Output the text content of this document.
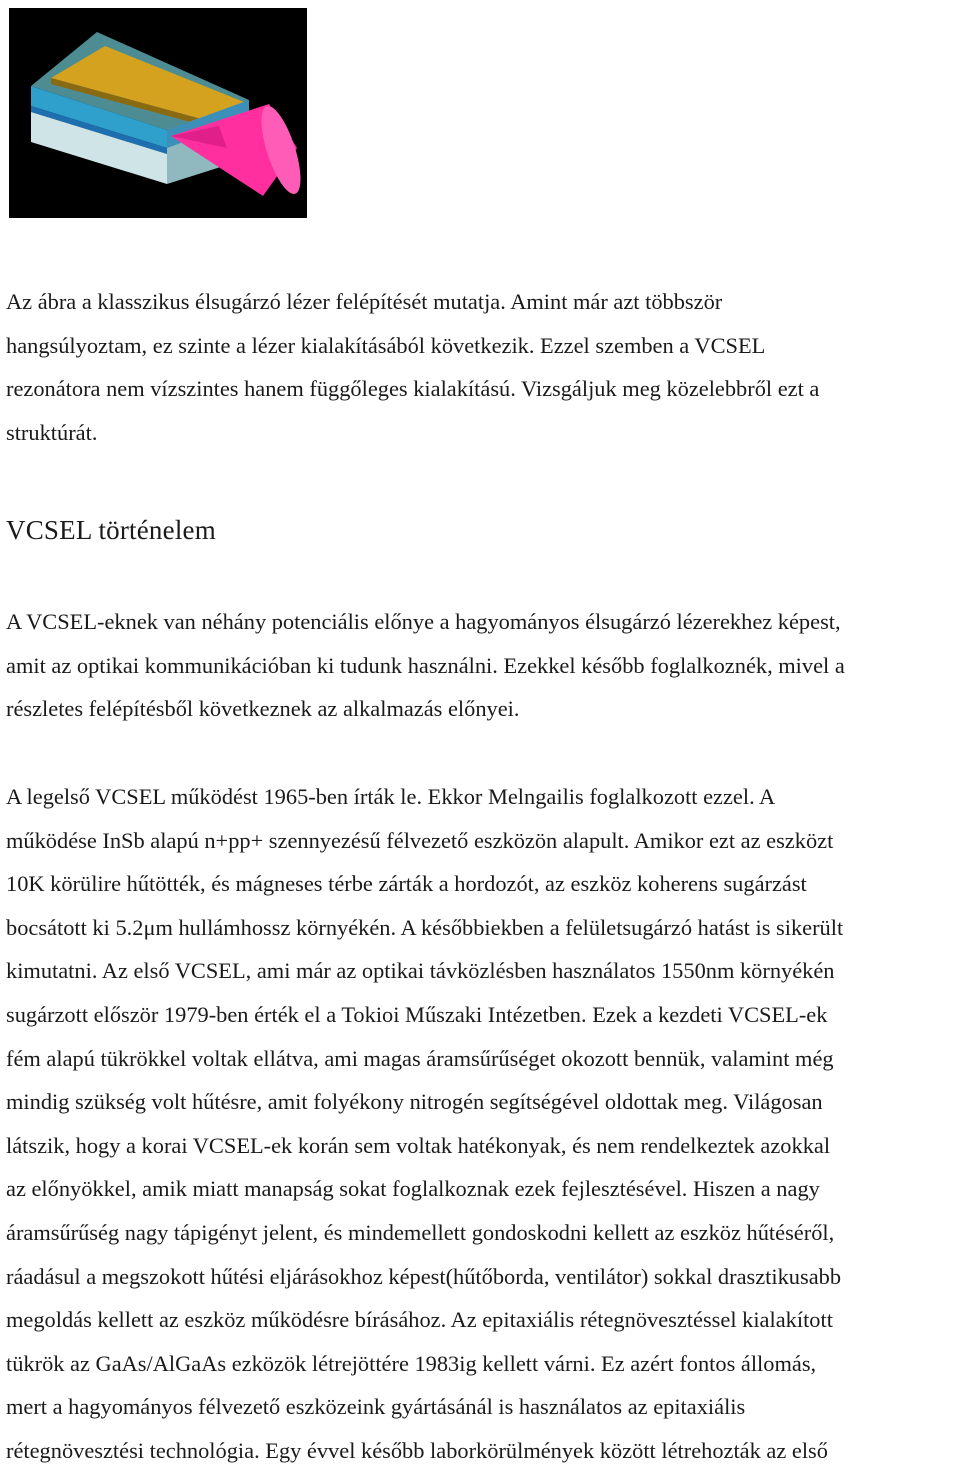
Az ábra a klasszikus élsugárzó lézer felépítését mutatja. Amint már azt többször
hangsúlyoztam, ez szinte a lézer kialakításából következik. Ezzel szemben a VCSEL
rezonátora nem vízszintes hanem függőleges kialakítású. Vizsgáljuk meg közelebbről ezt a
struktúrát.

VCSEL történelem

A VCSEL-eknek van néhány potenciális előnye a hagyományos élsugárzó lézerekhez képest,
amit az optikai kommunikációban ki tudunk használni. Ezekkel később foglalkoznék, mivel a
részletes felépítésből következnek az alkalmazás előnyei.

A legelső VCSEL működést 1965-ben írták le. Ekkor Melngailis foglalkozott ezzel. A
működése InSb alapú n+pp+ szennyezésű félvezető eszközön alapult. Amikor ezt az eszközt
10K körülire hűtötték, és mágneses térbe zárták a hordozót, az eszköz koherens sugárzást
bocsátott ki 5.2μm hullámhossz környékén. A későbbiekben a felületsugárzó hatást is sikerült
kimutatni. Az első VCSEL, ami már az optikai távközlésben használatos 1550nm környékén
sugárzott először 1979-ben érték el a Tokioi Műszaki Intézetben. Ezek a kezdeti VCSEL-ek
fém alapú tükrökkel voltak ellátva, ami magas áramsűrűséget okozott bennük, valamint még
mindig szükség volt hűtésre, amit folyékony nitrogén segítségével oldottak meg. Világosan
látszik, hogy a korai VCSEL-ek korán sem voltak hatékonyak, és nem rendelkeztek azokkal
az előnyökkel, amik miatt manapság sokat foglalkoznak ezek fejlesztésével. Hiszen a nagy
áramsűrűség nagy tápigényt jelent, és mindemellett gondoskodni kellett az eszköz hűtéséről,
ráadásul a megszokott hűtési eljárásokhoz képest(hűtőborda, ventilátor) sokkal drasztikusabb
megoldás kellett az eszköz működésre bírásához. Az epitaxiális rétegnövesztéssel kialakított
tükrök az GaAs/AlGaAs ezközök létrejöttére 1983ig kellett várni. Ez azért fontos állomás,
mert a hagyományos félvezető eszközeink gyártásánál is használatos az epitaxiális
rétegnövesztési technológia. Egy évvel később laborkörülmények között létrehozták az első
